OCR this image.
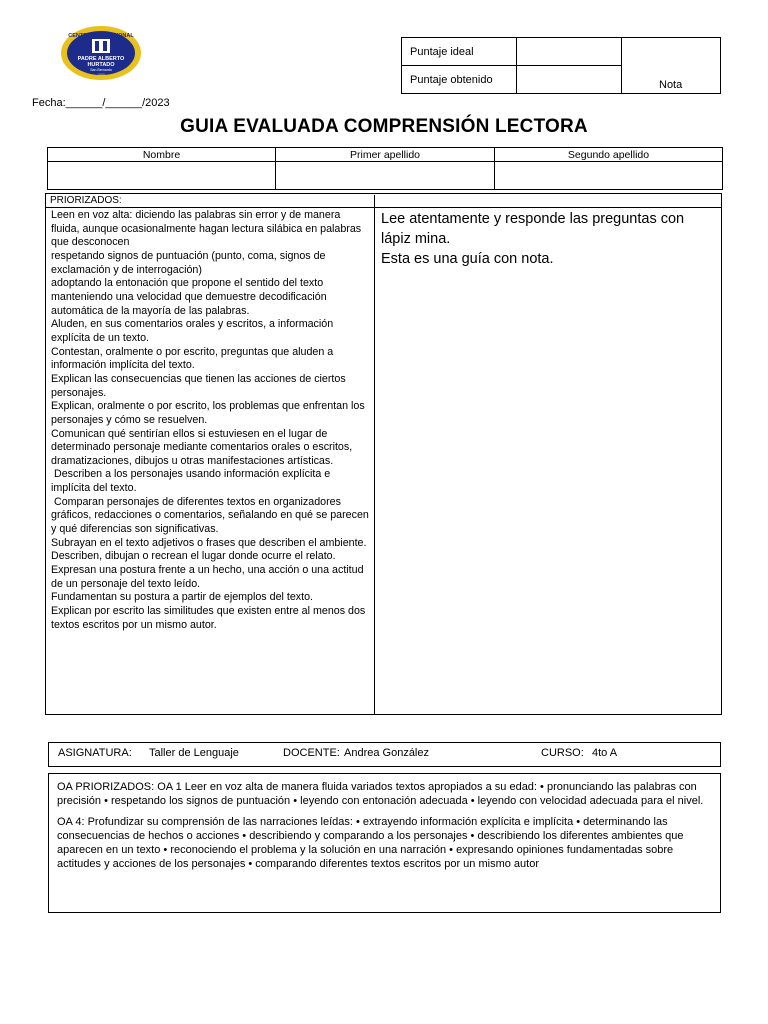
CENTRO EDUCACIONAL
PADRE ALBERTO
HURTADO
San Bernardo
1989
Puntaje ideal		Nota
Puntaje obtenido		
Fecha:______/______/2023
GUIA EVALUADA COMPRENSIÓN LECTORA
Nombre	Primer apellido	Segundo apellido

PRIORIZADOS:
Leen en voz alta: diciendo las palabras sin error y de manera fluida, aunque ocasionalmente hagan lectura silábica en palabras que desconocen
respetando signos de puntuación (punto, coma, signos de exclamación y de interrogación)
adoptando la entonación que propone el sentido del texto
manteniendo una velocidad que demuestre decodificación automática de la mayoría de las palabras.
Aluden, en sus comentarios orales y escritos, a información explícita de un texto.
Contestan, oralmente o por escrito, preguntas que aluden a información implícita del texto.
Explican las consecuencias que tienen las acciones de ciertos personajes.
Explican, oralmente o por escrito, los problemas que enfrentan los personajes y cómo se resuelven.
Comunican qué sentirían ellos si estuviesen en el lugar de determinado personaje mediante comentarios orales o escritos, dramatizaciones, dibujos u otras manifestaciones artísticas.
Describen a los personajes usando información explícita e implícita del texto.
Comparan personajes de diferentes textos en organizadores gráficos, redacciones o comentarios, señalando en qué se parecen y qué diferencias son significativas.
Subrayan en el texto adjetivos o frases que describen el ambiente.
Describen, dibujan o recrean el lugar donde ocurre el relato.
Expresan una postura frente a un hecho, una acción o una actitud de un personaje del texto leído.
Fundamentan su postura a partir de ejemplos del texto.
Explican por escrito las similitudes que existen entre al menos dos textos escritos por un mismo autor.
Lee atentamente y responde las preguntas con lápiz mina.
Esta es una guía con nota.
ASIGNATURA: Taller de Lenguaje	DOCENTE: Andrea González	CURSO: 4to A

OA PRIORIZADOS: OA 1 Leer en voz alta de manera fluida variados textos apropiados a su edad: • pronunciando las palabras con precisión • respetando los signos de puntuación • leyendo con entonación adecuada • leyendo con velocidad adecuada para el nivel.

OA 4: Profundizar su comprensión de las narraciones leídas: • extrayendo información explícita e implícita • determinando las consecuencias de hechos o acciones • describiendo y comparando a los personajes • describiendo los diferentes ambientes que aparecen en un texto • reconociendo el problema y la solución en una narración • expresando opiniones fundamentadas sobre actitudes y acciones de los personajes • comparando diferentes textos escritos por un mismo autor
